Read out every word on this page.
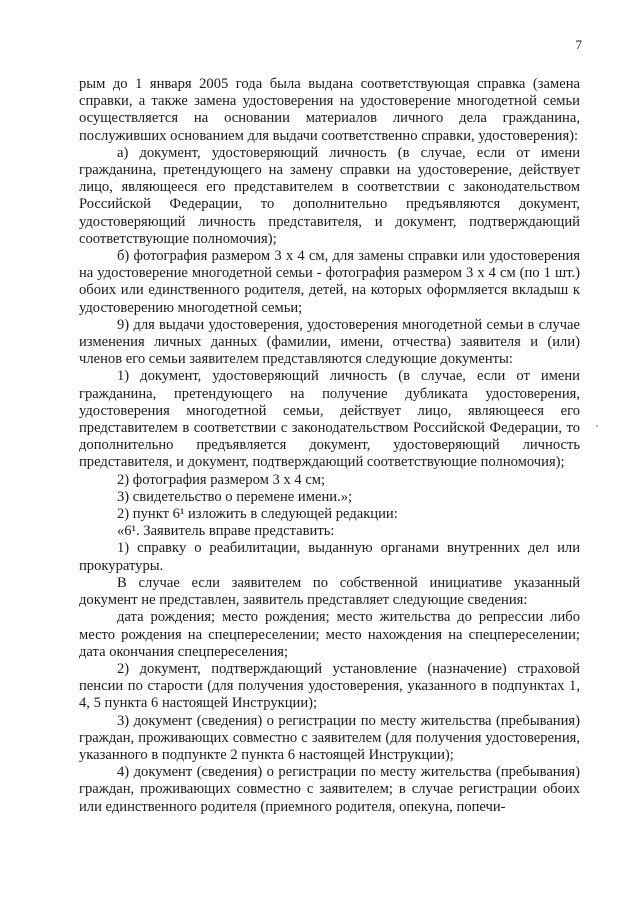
7

рым до 1 января 2005 года была выдана соответствующая справка (замена справки, а также замена удостоверения на удостоверение многодетной семьи осуществляется на основании материалов личного дела гражданина, послуживших основанием для выдачи соответственно справки, удостоверения):

а) документ, удостоверяющий личность (в случае, если от имени гражданина, претендующего на замену справки на удостоверение, действует лицо, являющееся его представителем в соответствии с законодательством Российской Федерации, то дополнительно предъявляются документ, удостоверяющий личность представителя, и документ, подтверждающий соответствующие полномочия);

б) фотография размером 3 х 4 см, для замены справки или удостоверения на удостоверение многодетной семьи - фотография размером 3 х 4 см (по 1 шт.) обоих или единственного родителя, детей, на которых оформляется вкладыш к удостоверению многодетной семьи;

9) для выдачи удостоверения, удостоверения многодетной семьи в случае изменения личных данных (фамилии, имени, отчества) заявителя и (или) членов его семьи заявителем представляются следующие документы:

1) документ, удостоверяющий личность (в случае, если от имени гражданина, претендующего на получение дубликата удостоверения, удостоверения многодетной семьи, действует лицо, являющееся его представителем в соответствии с законодательством Российской Федерации, то дополнительно предъявляется документ, удостоверяющий личность представителя, и документ, подтверждающий соответствующие полномочия);

2) фотография размером 3 х 4 см;

3) свидетельство о перемене имени.»;

2) пункт 6¹ изложить в следующей редакции:

«6¹. Заявитель вправе представить:

1) справку о реабилитации, выданную органами внутренних дел или прокуратуры.

В случае если заявителем по собственной инициативе указанный документ не представлен, заявитель представляет следующие сведения:

дата рождения; место рождения; место жительства до репрессии либо место рождения на спецпереселении; место нахождения на спецпереселении; дата окончания спецпереселения;

2) документ, подтверждающий установление (назначение) страховой пенсии по старости (для получения удостоверения, указанного в подпунктах 1, 4, 5 пункта 6 настоящей Инструкции);

3) документ (сведения) о регистрации по месту жительства (пребывания) граждан, проживающих совместно с заявителем (для получения удостоверения, указанного в подпункте 2 пункта 6 настоящей Инструкции);

4) документ (сведения) о регистрации по месту жительства (пребывания) граждан, проживающих совместно с заявителем; в случае регистрации обоих или единственного родителя (приемного родителя, опекуна, попечи-
